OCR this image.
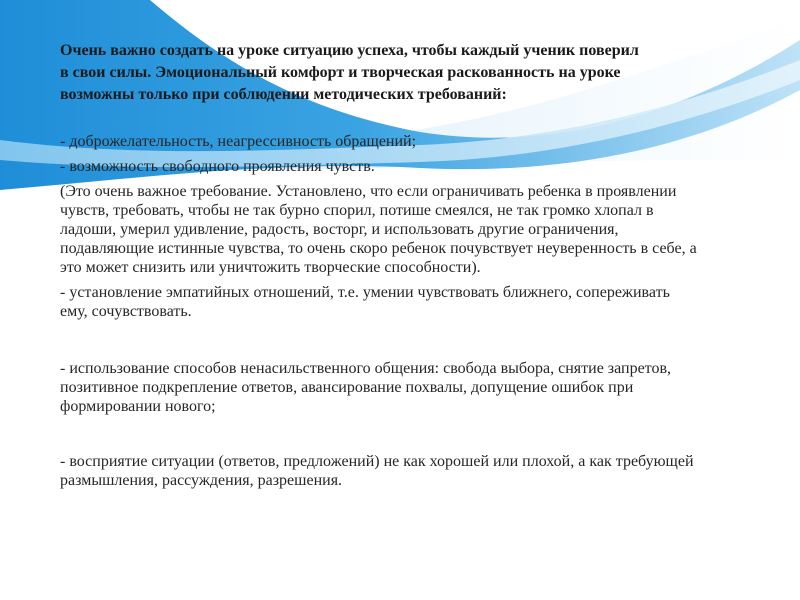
Очень важно создать на уроке ситуацию успеха, чтобы каждый ученик поверил в свои силы. Эмоциональный комфорт и творческая раскованность на уроке возможны только при соблюдении методических требований:
- доброжелательность, неагрессивность обращений;
- возможность свободного проявления чувств.
(Это очень важное требование. Установлено, что если ограничивать ребенка в проявлении чувств, требовать, чтобы не так бурно спорил, потише смеялся, не так громко хлопал в ладоши, умерил удивление, радость, восторг, и использовать другие ограничения, подавляющие истинные чувства, то очень скоро ребенок почувствует неуверенность в себе, а это может снизить или уничтожить творческие способности).
- установление эмпатийных отношений, т.е. умении чувствовать ближнего, сопереживать ему, сочувствовать.
- использование способов ненасильственного общения: свобода выбора, снятие запретов, позитивное подкрепление ответов, авансирование похвалы, допущение ошибок при формировании нового;
- восприятие ситуации (ответов, предложений) не как хорошей или плохой, а как требующей размышления, рассуждения, разрешения.
